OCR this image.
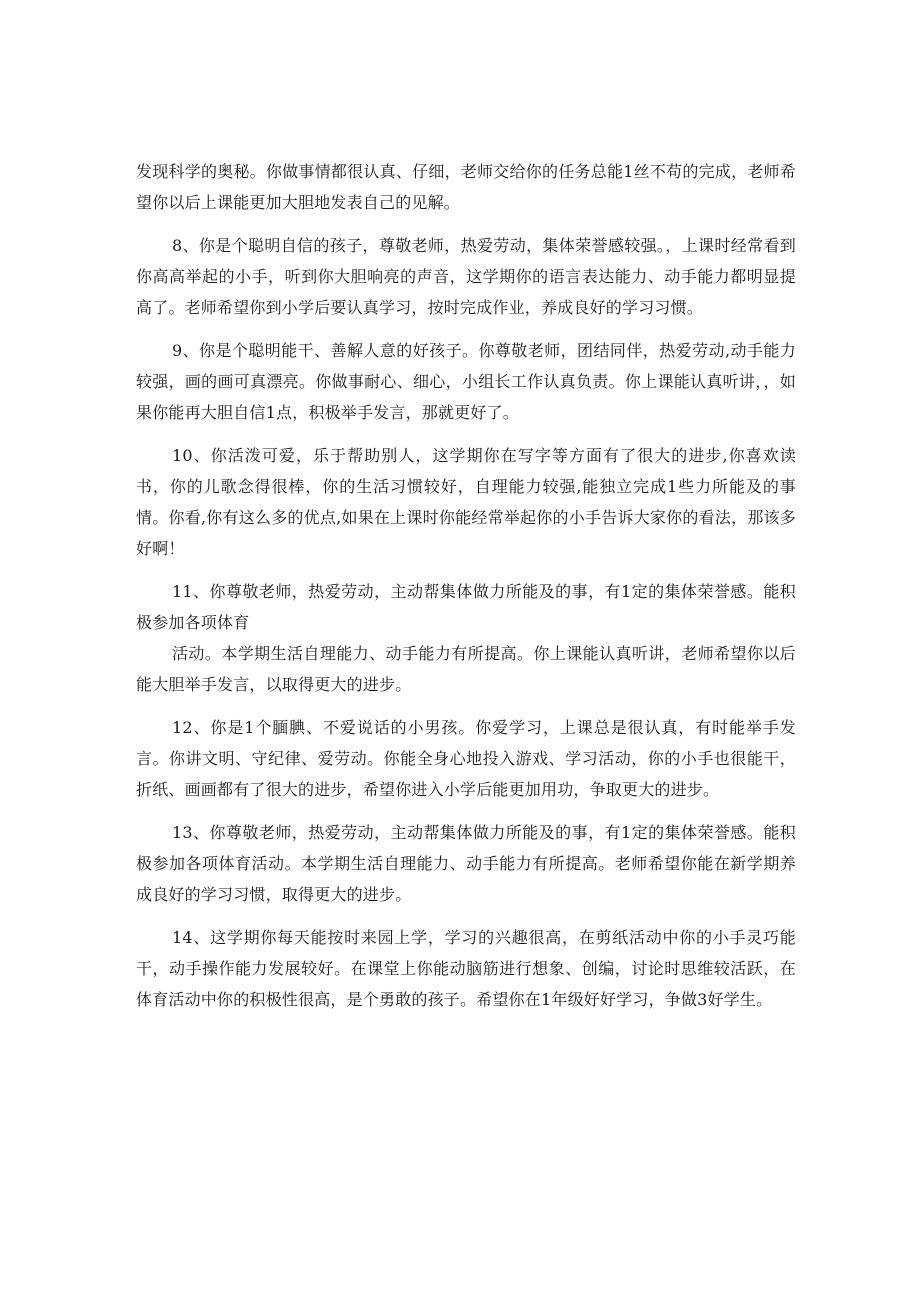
发现科学的奥秘。你做事情都很认真、仔细，老师交给你的任务总能1丝不苟的完成，老师希望你以后上课能更加大胆地发表自己的见解。

8、你是个聪明自信的孩子，尊敬老师，热爱劳动，集体荣誉感较强。，上课时经常看到你高高举起的小手，听到你大胆响亮的声音，这学期你的语言表达能力、动手能力都明显提高了。老师希望你到小学后要认真学习，按时完成作业，养成良好的学习习惯。

9、你是个聪明能干、善解人意的好孩子。你尊敬老师，团结同伴，热爱劳动,动手能力较强，画的画可真漂亮。你做事耐心、细心，小组长工作认真负责。你上课能认真听讲，，如果你能再大胆自信1点，积极举手发言，那就更好了。

10、你活泼可爱，乐于帮助别人，这学期你在写字等方面有了很大的进步,你喜欢读书，你的儿歌念得很棒，你的生活习惯较好，自理能力较强,能独立完成1些力所能及的事情。你看,你有这么多的优点,如果在上课时你能经常举起你的小手告诉大家你的看法，那该多好啊！

11、你尊敬老师，热爱劳动，主动帮集体做力所能及的事，有1定的集体荣誉感。能积极参加各项体育

活动。本学期生活自理能力、动手能力有所提高。你上课能认真听讲，老师希望你以后能大胆举手发言，以取得更大的进步。

12、你是1个腼腆、不爱说话的小男孩。你爱学习，上课总是很认真，有时能举手发言。你讲文明、守纪律、爱劳动。你能全身心地投入游戏、学习活动，你的小手也很能干，折纸、画画都有了很大的进步，希望你进入小学后能更加用功，争取更大的进步。

13、你尊敬老师，热爱劳动，主动帮集体做力所能及的事，有1定的集体荣誉感。能积极参加各项体育活动。本学期生活自理能力、动手能力有所提高。老师希望你能在新学期养成良好的学习习惯，取得更大的进步。

14、这学期你每天能按时来园上学，学习的兴趣很高，在剪纸活动中你的小手灵巧能干，动手操作能力发展较好。在课堂上你能动脑筋进行想象、创编，讨论时思维较活跃，在体育活动中你的积极性很高，是个勇敢的孩子。希望你在1年级好好学习，争做3好学生。
